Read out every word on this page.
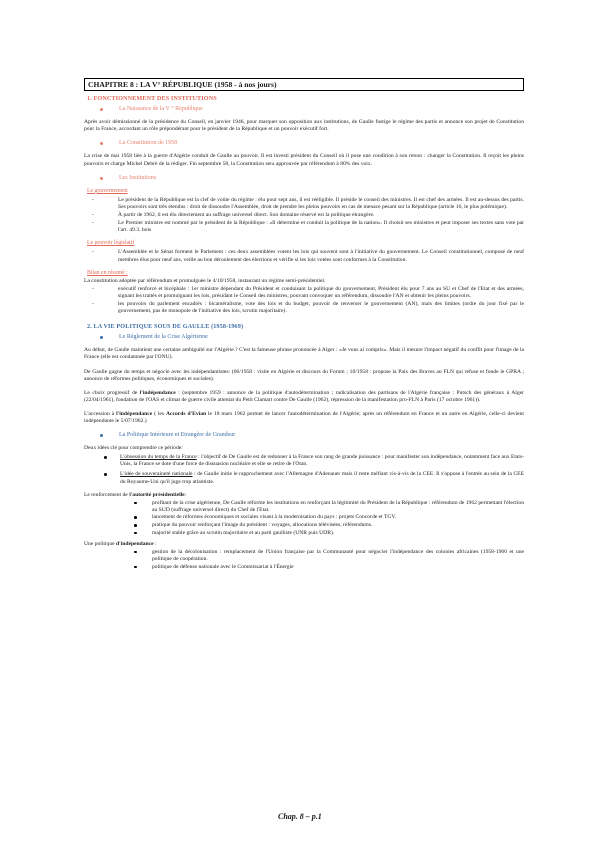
CHAPITRE 8 : LA V° RÉPUBLIQUE (1958 - à nos jours)
1. FONCTIONNEMENT DES INSTITUTIONS
La Naissance de la V ° République

Après avoir démissionné de la présidence du Conseil, en janvier 1946, pour marquer son opposition aux institutions, de Gaulle fustige le régime des partis et annonce son projet de Constitution pour la France, accordant un rôle prépondérant pour le président de la République et un pouvoir exécutif fort.

La Constitution de 1958

La crise de mai 1958 liée à la guerre d'Algérie conduit de Gaulle au pouvoir. Il est investi président du Conseil où il pose une condition à son retour : changer la Constitution. Il reçoit les pleins pouvoirs et charge Michel Debré de la rédiger. Fin septembre 58, la Constitution sera approuvée par référendum à 80% des voix.

Les Institutions
Le gouvernement
- Le président de la République est la clef de voûte du régime : élu pour sept ans, il est rééligible. Il préside le conseil des ministres. Il est chef des armées. Il est au-dessus des partis. Ses pouvoirs sont très étendus : droit de dissoudre l'Assemblée, droit de prendre les pleins pouvoirs en cas de menace pesant sur la République (article 16, le plus polémique).
- À partir de 1962, il est élu directement au suffrage universel direct. Son domaine réservé est la politique étrangère.
- Le Premier ministre est nommé par le président de la République : «Il détermine et conduit la politique de la nation». Il choisit ses ministres et peut imposer ses textes sans vote par l'art. 49.3. bois
Le pouvoir législatif
- L'Assemblée et le Sénat forment le Parlement : ces deux assemblées votent les lois qui souvent sont à l'initiative du gouvernement. Le Conseil constitutionnel, composé de neuf membres élus pour neuf ans, veille au bon déroulement des élections et vérifie si les lois votées sont conformes à la Constitution.
Bilan en résumé :

La constitution adoptée par référendum et promulguée le 4/10/1958, instaurant un régime semi-présidentiel.

- exécutif renforcé et bicéphale : 1er ministre dépendant du Président et conduisant la politique du gouvernement, Président élu pour 7 ans au SU et Chef de l'Etat et des armées, signant les traités et promulguant les lois, présidant le Conseil des ministres, pouvant convoquer un référendum, dissoudre l'AN et obtenir les pleins pouvoirs.
- les pouvoirs du parlement encadrés : bicaméralisme, vote des lois et du budget, pouvoir de renverser le gouvernement (AN), mais des limites (ordre du jour fixé par le gouvernement, pas de monopole de l'initiative des lois, scrutin majoritaire).
2. LA VIE POLITIQUE SOUS DE GAULLE (1958-1969)
Le Règlement de la Crise Algérienne

Au début, de Gaulle maintient une certaine ambiguïté sur l'Algérie.? C'est la fameuse phrase prononcée à Alger : «Je vous ai compris». Mais il mesure l'impact négatif du conflit pour l'image de la France (elle est condamnée par l'ONU).

De Gaulle gagne du temps et négocie avec les indépendantistes: (06/1958 : visite en Algérie et discours du Forum ; 10/1958 : propose la Paix des Braves au FLN qui refuse et fonde le GPRA ; annonce de réformes politiques, économiques et sociales).

Le choix progressif de l'indépendance : (septembre 1959 : annonce de la politique d'autodétermination ; radicalisation des partisans de l'Algérie française : Putsch des généraux à Alger (22/04/1961), fondation de l'OAS et climat de guerre civile attentat du Petit Clamart contre De Gaulle (1962), répression de la manifestation pro-FLN à Paris (17 octobre 1961)).

L'accession à l'indépendance ( les Accords d'Evian le 18 mars 1962 permet de lancer l'autodétermination de l'Algérie; après un référendum en France et un autre en Algérie, celle-ci devient indépendante le 5/07/1962.)

La Politique Intérieure et Etrangère de Grandeur

Deux idées clé pour comprendre ce période:

L'obsession du temps de la France : l'objectif de De Gaulle est de redonner à la France son rang de grande puissance : pour manifester son indépendance, notamment face aux Etats-Unis, la France se dote d'une force de dissuasion nucléaire et elle se retire de l'Otan.
L'idée de souveraineté nationale : de Gaulle initie le rapprochement avec l'Allemagne d'Adenauer mais il reste méfiant vis-à-vis de la CEE. Il s'oppose à l'entrée au sein de la CEE du Royaume-Uni qu'il juge trop atlantiste.

Le renforcement de l'autorité présidentielle:

profitant de la crise algérienne, De Gaulle réforme les institutions en renforçant la légitimité du Président de la République : référendum de 1962 permettant l'élection au SUD (suffrage universel direct) du Chef de l'Etat.
lancement de réformes économiques et sociales visant à la modernisation du pays : projets Concorde et TGV.
pratique du pouvoir renforçant l'image du président : voyages, allocutions télévisées, référendums.
majorité stable grâce au scrutin majoritaire et au parti gaulliste (UNR puis UDR).

Une politique d'indépendance :

gestion de la décolonisation : remplacement de l'Union française par la Communauté pour négocier l'indépendance des colonies africaines (1958-1960 et une politique de coopération.
politique de défense nationale avec le Commissariat à l'Énergie
Chap. 8 – p.1
